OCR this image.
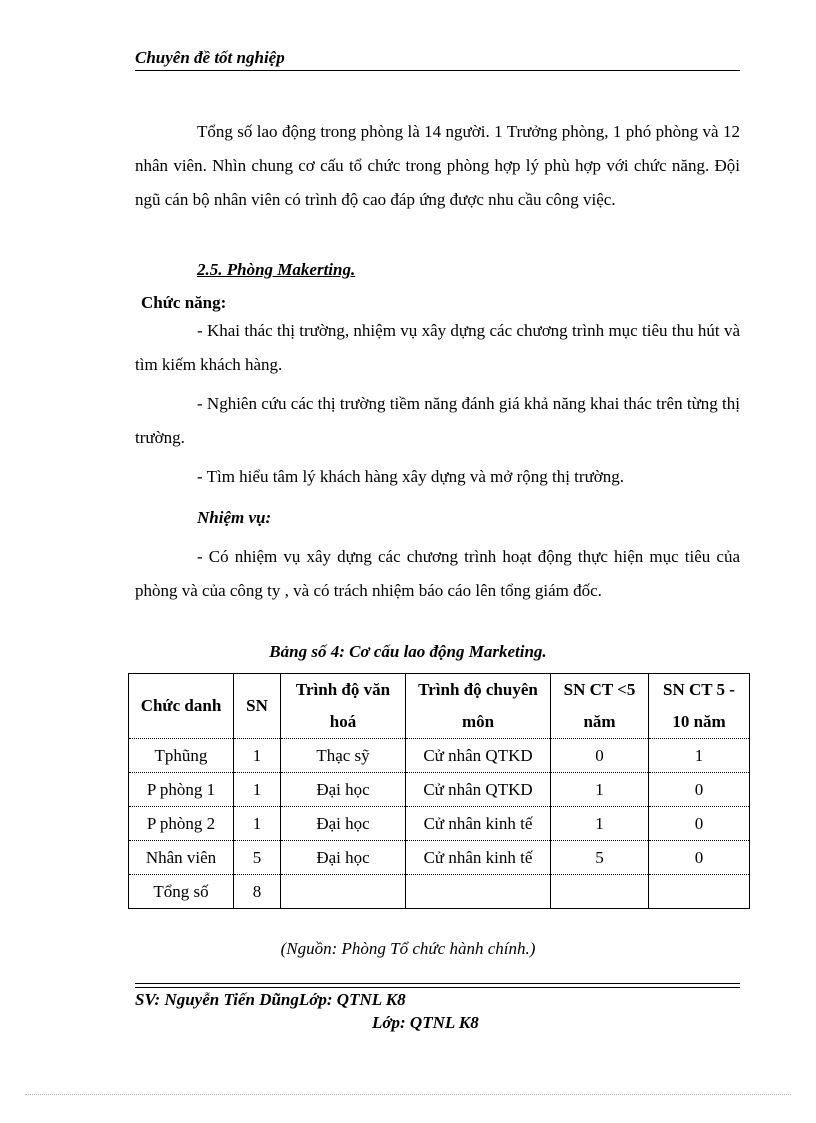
Chuyên đề tốt nghiệp

Tổng số lao động trong phòng là 14 người. 1 Trưởng phòng, 1 phó phòng và 12 nhân viên. Nhìn chung cơ cấu tổ chức trong phòng hợp lý phù hợp với chức năng. Đội ngũ cán bộ nhân viên có trình độ cao đáp ứng được nhu cầu công việc.

2.5. Phòng Makerting.

Chức năng:

- Khai thác thị trường, nhiệm vụ xây dựng các chương trình mục tiêu thu hút và tìm kiếm khách hàng.

- Nghiên cứu các thị trường tiềm năng đánh giá khả năng khai thác trên từng thị trường.

- Tìm hiểu tâm lý khách hàng xây dựng và mở rộng thị trường.

Nhiệm vụ:

- Có nhiệm vụ xây dựng các chương trình hoạt động thực hiện mục tiêu của phòng và của công ty , và có trách nhiệm báo cáo lên tổng giám đốc.

Bảng số 4: Cơ cấu lao động Marketing.
Chức danh	SN	Trình độ văn hoá	Trình độ chuyên môn	SN CT <5 năm	SN CT 5 - 10 năm
Tphũng	1	Thạc sỹ	Cử nhân QTKD	0	1
P phòng 1	1	Đại học	Cử nhân QTKD	1	0
P phòng 2	1	Đại học	Cử nhân kinh tế	1	0
Nhân viên	5	Đại học	Cử nhân kinh tế	5	0
Tổng số	8				
(Nguồn: Phòng Tổ chức hành chính.)
SV: Nguyễn Tiến DũngLớp: QTNL K8
Lớp: QTNL K8
